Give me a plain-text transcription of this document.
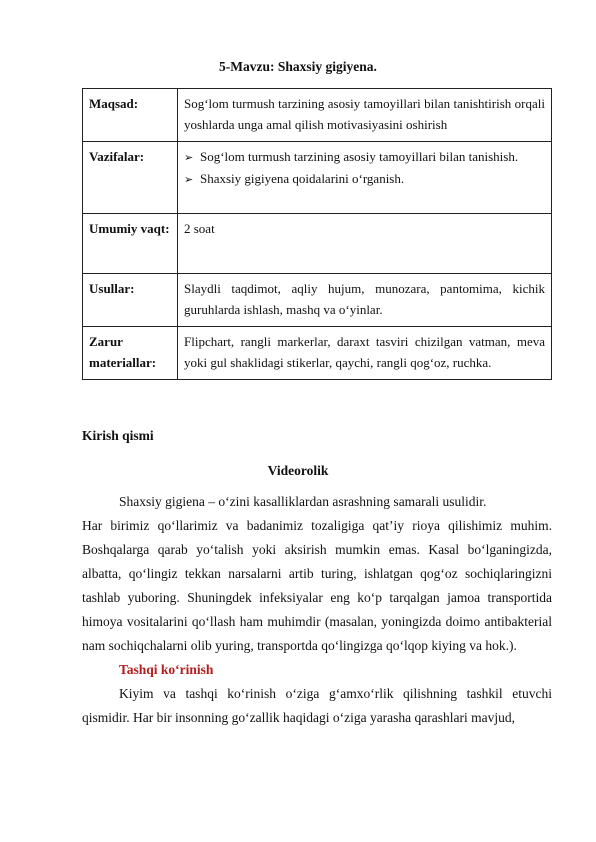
5-Mavzu: Shaxsiy gigiyena.
Maqsad:	Sog‘lom turmush tarzining asosiy tamoyillari bilan tanishtirish orqali yoshlarda unga amal qilish motivasiyasini oshirish
Vazifalar:	➢ Sog‘lom turmush tarzining asosiy tamoyillari bilan tanishish.
➢ Shaxsiy gigiyena qoidalarini o‘rganish.

Umumiy vaqt:	2 soat
Usullar:	Slaydli taqdimot, aqliy hujum, munozara, pantomima, kichik guruhlarda ishlash, mashq va o‘yinlar.
Zarur materiallar:	Flipchart, rangli markerlar, daraxt tasviri chizilgan vatman, meva yoki gul shaklidagi stikerlar, qaychi, rangli qog‘oz, ruchka.
Kirish qismi
Videorolik

Shaxsiy gigiena – o‘zini kasalliklardan asrashning samarali usulidir.

Har birimiz qo‘llarimiz va badanimiz tozaligiga qat’iy rioya qilishimiz muhim. Boshqalarga qarab yo‘talish yoki aksirish mumkin emas. Kasal bo‘lganingizda, albatta, qo‘lingiz tekkan narsalarni artib turing, ishlatgan qog‘oz sochiqlaringizni tashlab yuboring. Shuningdek infeksiyalar eng ko‘p tarqalgan jamoa transportida himoya vositalarini qo‘llash ham muhimdir (masalan, yoningizda doimo antibakterial nam sochiqchalarni olib yuring, transportda qo‘lingizga qo‘lqop kiying va hok.).

Tashqi ko‘rinish

Kiyim va tashqi ko‘rinish o‘ziga g‘amxo‘rlik qilishning tashkil etuvchi qismidir. Har bir insonning go‘zallik haqidagi o‘ziga yarasha qarashlari mavjud,
